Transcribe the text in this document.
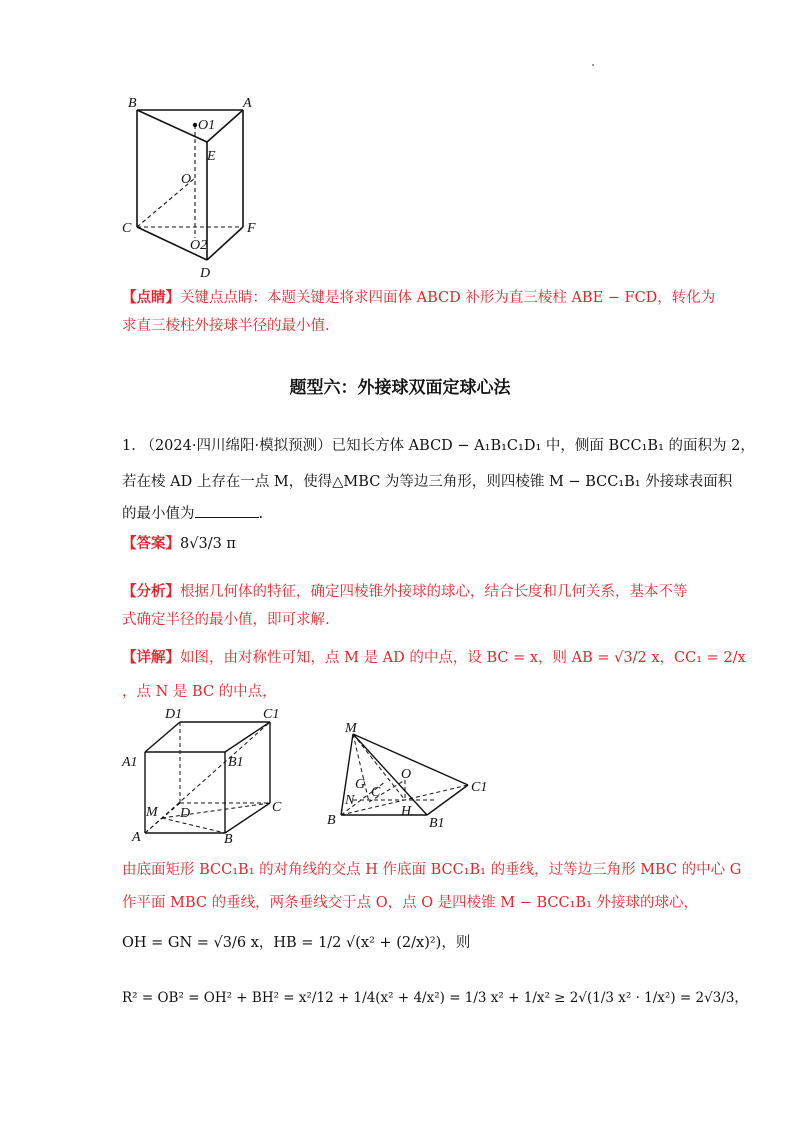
B	A
O1
E
O
C	F
O2
D
【点睛】关键点点睛：本题关键是将求四面体 ABCD 补形为直三棱柱 ABE − FCD，转化为
求直三棱柱外接球半径的最小值.
题型六：外接球双面定球心法
1. （2024·四川绵阳·模拟预测）已知长方体 ABCD − A₁B₁C₁D₁ 中，侧面 BCC₁B₁ 的面积为 2，
若在棱 AD 上存在一点 M，使得△MBC 为等边三角形，则四棱锥 M − BCC₁B₁ 外接球表面积
的最小值为	.
【答案】8√3/3 π
【分析】根据几何体的特征，确定四棱锥外接球的球心，结合长度和几何关系，基本不等
式确定半径的最小值，即可求解.
【详解】如图，由对称性可知，点 M 是 AD 的中点，设 BC = x，则 AB = √3/2 x，CC₁ = 2/x
，点 N 是 BC 的中点，
D1	C1
A1	B1
M D	C
A	B
M
O
G
C
N
C1
H
B	B1
由底面矩形 BCC₁B₁ 的对角线的交点 H 作底面 BCC₁B₁ 的垂线，过等边三角形 MBC 的中心 G
作平面 MBC 的垂线，两条垂线交于点 O，点 O 是四棱锥 M − BCC₁B₁ 外接球的球心，
OH = GN = √3/6 x，HB = 1/2 √(x² + (2/x)²)，则
R² = OB² = OH² + BH² = x²/12 + 1/4(x² + 4/x²) = 1/3 x² + 1/x² ≥ 2√(1/3 x² · 1/x²) = 2√3/3，
